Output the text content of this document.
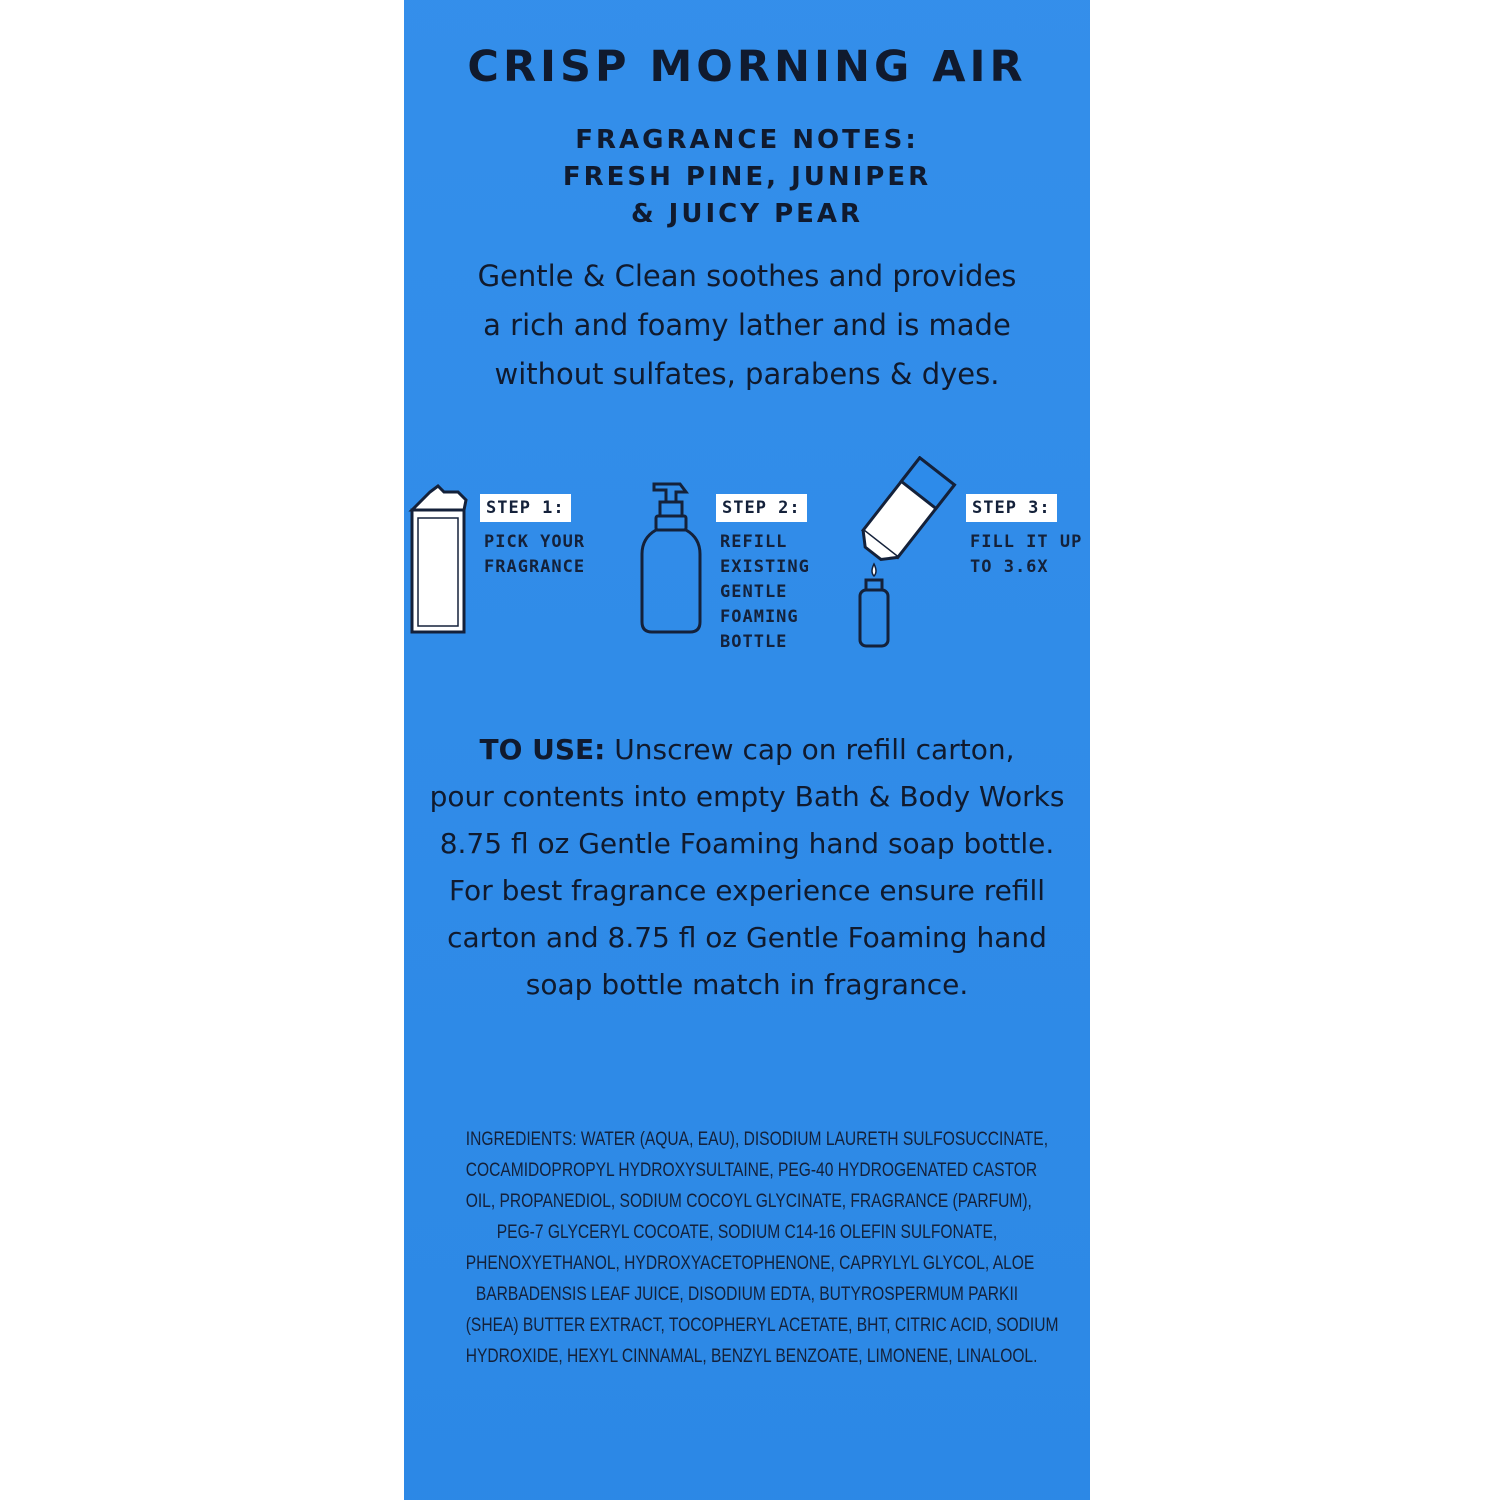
CRISP MORNING AIR
FRAGRANCE NOTES:
FRESH PINE, JUNIPER
& JUICY PEAR
Gentle & Clean soothes and provides
a rich and foamy lather and is made
without sulfates, parabens & dyes.
STEP 1:
PICK YOUR
FRAGRANCE
STEP 2:
REFILL
EXISTING
GENTLE
FOAMING
BOTTLE
STEP 3:
FILL IT UP
TO 3.6X
TO USE: Unscrew cap on refill carton,
pour contents into empty Bath & Body Works
8.75 fl oz Gentle Foaming hand soap bottle.
For best fragrance experience ensure refill
carton and 8.75 fl oz Gentle Foaming hand
soap bottle match in fragrance.
INGREDIENTS: WATER (AQUA, EAU), DISODIUM LAURETH SULFOSUCCINATE,
COCAMIDOPROPYL HYDROXYSULTAINE, PEG-40 HYDROGENATED CASTOR
OIL, PROPANEDIOL, SODIUM COCOYL GLYCINATE, FRAGRANCE (PARFUM),
PEG-7 GLYCERYL COCOATE, SODIUM C14-16 OLEFIN SULFONATE,
PHENOXYETHANOL, HYDROXYACETOPHENONE, CAPRYLYL GLYCOL, ALOE
BARBADENSIS LEAF JUICE, DISODIUM EDTA, BUTYROSPERMUM PARKII
(SHEA) BUTTER EXTRACT, TOCOPHERYL ACETATE, BHT, CITRIC ACID, SODIUM
HYDROXIDE, HEXYL CINNAMAL, BENZYL BENZOATE, LIMONENE, LINALOOL.
